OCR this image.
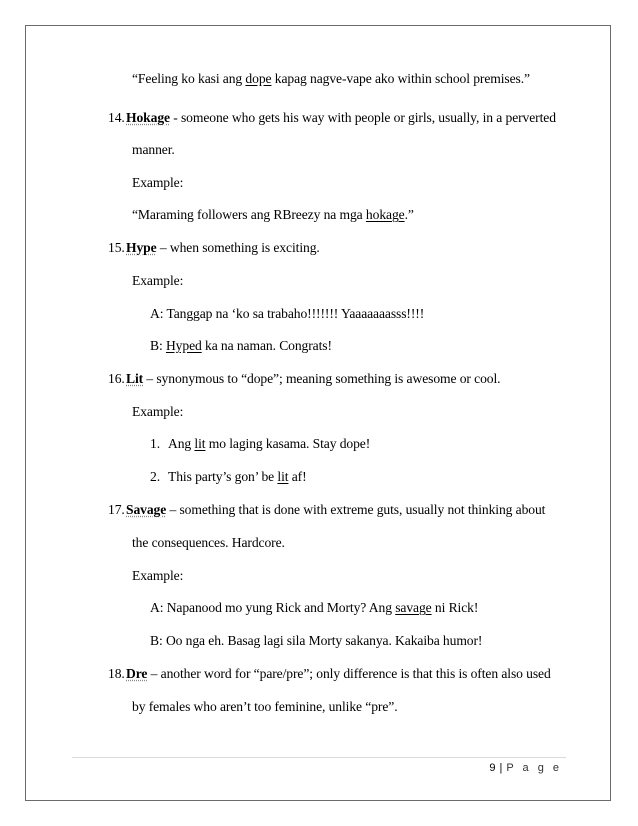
“Feeling ko kasi ang dope kapag nagve-vape ako within school premises.”
14.Hokage - someone who gets his way with people or girls, usually, in a perverted
manner.
Example:
“Maraming followers ang RBreezy na mga hokage.”
15.Hype – when something is exciting.
Example:
A: Tanggap na ‘ko sa trabaho!!!!!!! Yaaaaaaasss!!!!
B: Hyped ka na naman. Congrats!
16.Lit – synonymous to “dope”; meaning something is awesome or cool.
Example:
1. Ang lit mo laging kasama. Stay dope!
2. This party’s gon’ be lit af!
17.Savage – something that is done with extreme guts, usually not thinking about
the consequences. Hardcore.
Example:
A: Napanood mo yung Rick and Morty? Ang savage ni Rick!
B: Oo nga eh. Basag lagi sila Morty sakanya. Kakaiba humor!
18.Dre – another word for “pare/pre”; only difference is that this is often also used
by females who aren’t too feminine, unlike “pre”.
9 | P a g e
